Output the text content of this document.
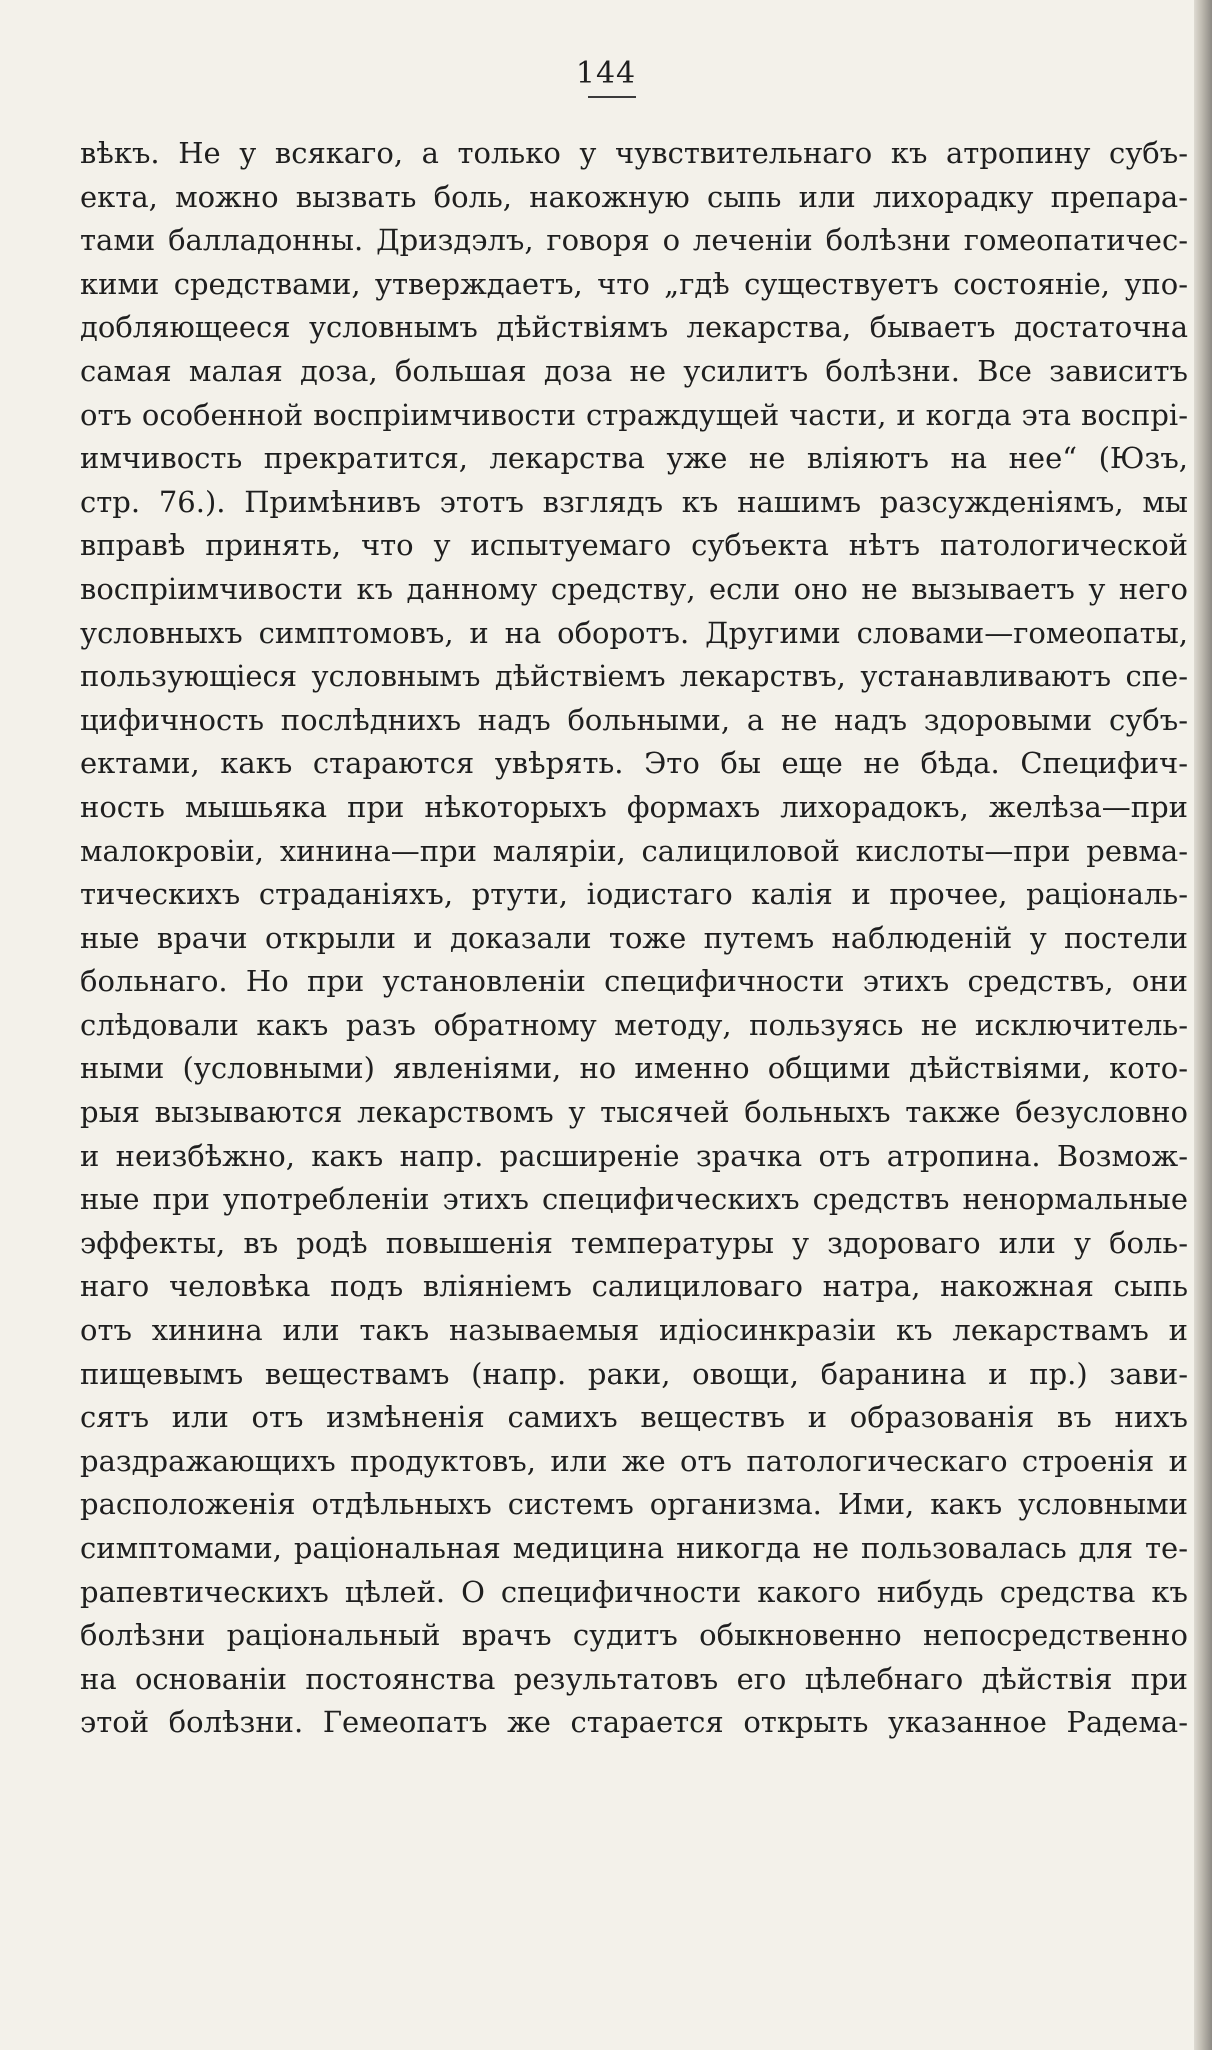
144
вѣкъ. Не у всякаго, а только у чувствительнаго къ атропину субъ-
екта, можно вызвать боль, накожную сыпь или лихорадку препара-
тами балладонны. Дриздэлъ, говоря о леченіи болѣзни гомеопатичес-
кими средствами, утверждаетъ, что „гдѣ существуетъ состояніе, упо-
добляющееся условнымъ дѣйствіямъ лекарства, бываетъ достаточна
самая малая доза, большая доза не усилитъ болѣзни. Все зависитъ
отъ особенной воспріимчивости страждущей части, и когда эта воспрі-
имчивость прекратится, лекарства уже не вліяютъ на нее“ (Юзъ,
стр. 76.). Примѣнивъ этотъ взглядъ къ нашимъ разсужденіямъ, мы
вправѣ принять, что у испытуемаго субъекта нѣтъ патологической
воспріимчивости къ данному средству, если оно не вызываетъ у него
условныхъ симптомовъ, и на оборотъ. Другими словами—гомеопаты,
пользующіеся условнымъ дѣйствіемъ лекарствъ, устанавливаютъ спе-
цифичность послѣднихъ надъ больными, а не надъ здоровыми субъ-
ектами, какъ стараются увѣрять. Это бы еще не бѣда. Специфич-
ность мышьяка при нѣкоторыхъ формахъ лихорадокъ, желѣза—при
малокровіи, хинина—при маляріи, салициловой кислоты—при ревма-
тическихъ страданіяхъ, ртути, іодистаго калія и прочее, раціональ-
ные врачи открыли и доказали тоже путемъ наблюденій у постели
больнаго. Но при установленіи специфичности этихъ средствъ, они
слѣдовали какъ разъ обратному методу, пользуясь не исключитель-
ными (условными) явленіями, но именно общими дѣйствіями, кото-
рыя вызываются лекарствомъ у тысячей больныхъ также безусловно
и неизбѣжно, какъ напр. расширеніе зрачка отъ атропина. Возмож-
ные при употребленіи этихъ специфическихъ средствъ ненормальные
эффекты, въ родѣ повышенія температуры у здороваго или у боль-
наго человѣка подъ вліяніемъ салициловаго натра, накожная сыпь
отъ хинина или такъ называемыя идіосинкразіи къ лекарствамъ и
пищевымъ веществамъ (напр. раки, овощи, баранина и пр.) зави-
сятъ или отъ измѣненія самихъ веществъ и образованія въ нихъ
раздражающихъ продуктовъ, или же отъ патологическаго строенія и
расположенія отдѣльныхъ системъ организма. Ими, какъ условными
симптомами, раціональная медицина никогда не пользовалась для те-
рапевтическихъ цѣлей. О специфичности какого нибудь средства къ
болѣзни раціональный врачъ судитъ обыкновенно непосредственно
на основаніи постоянства результатовъ его цѣлебнаго дѣйствія при
этой болѣзни. Гемеопатъ же старается открыть указанное Радема-
